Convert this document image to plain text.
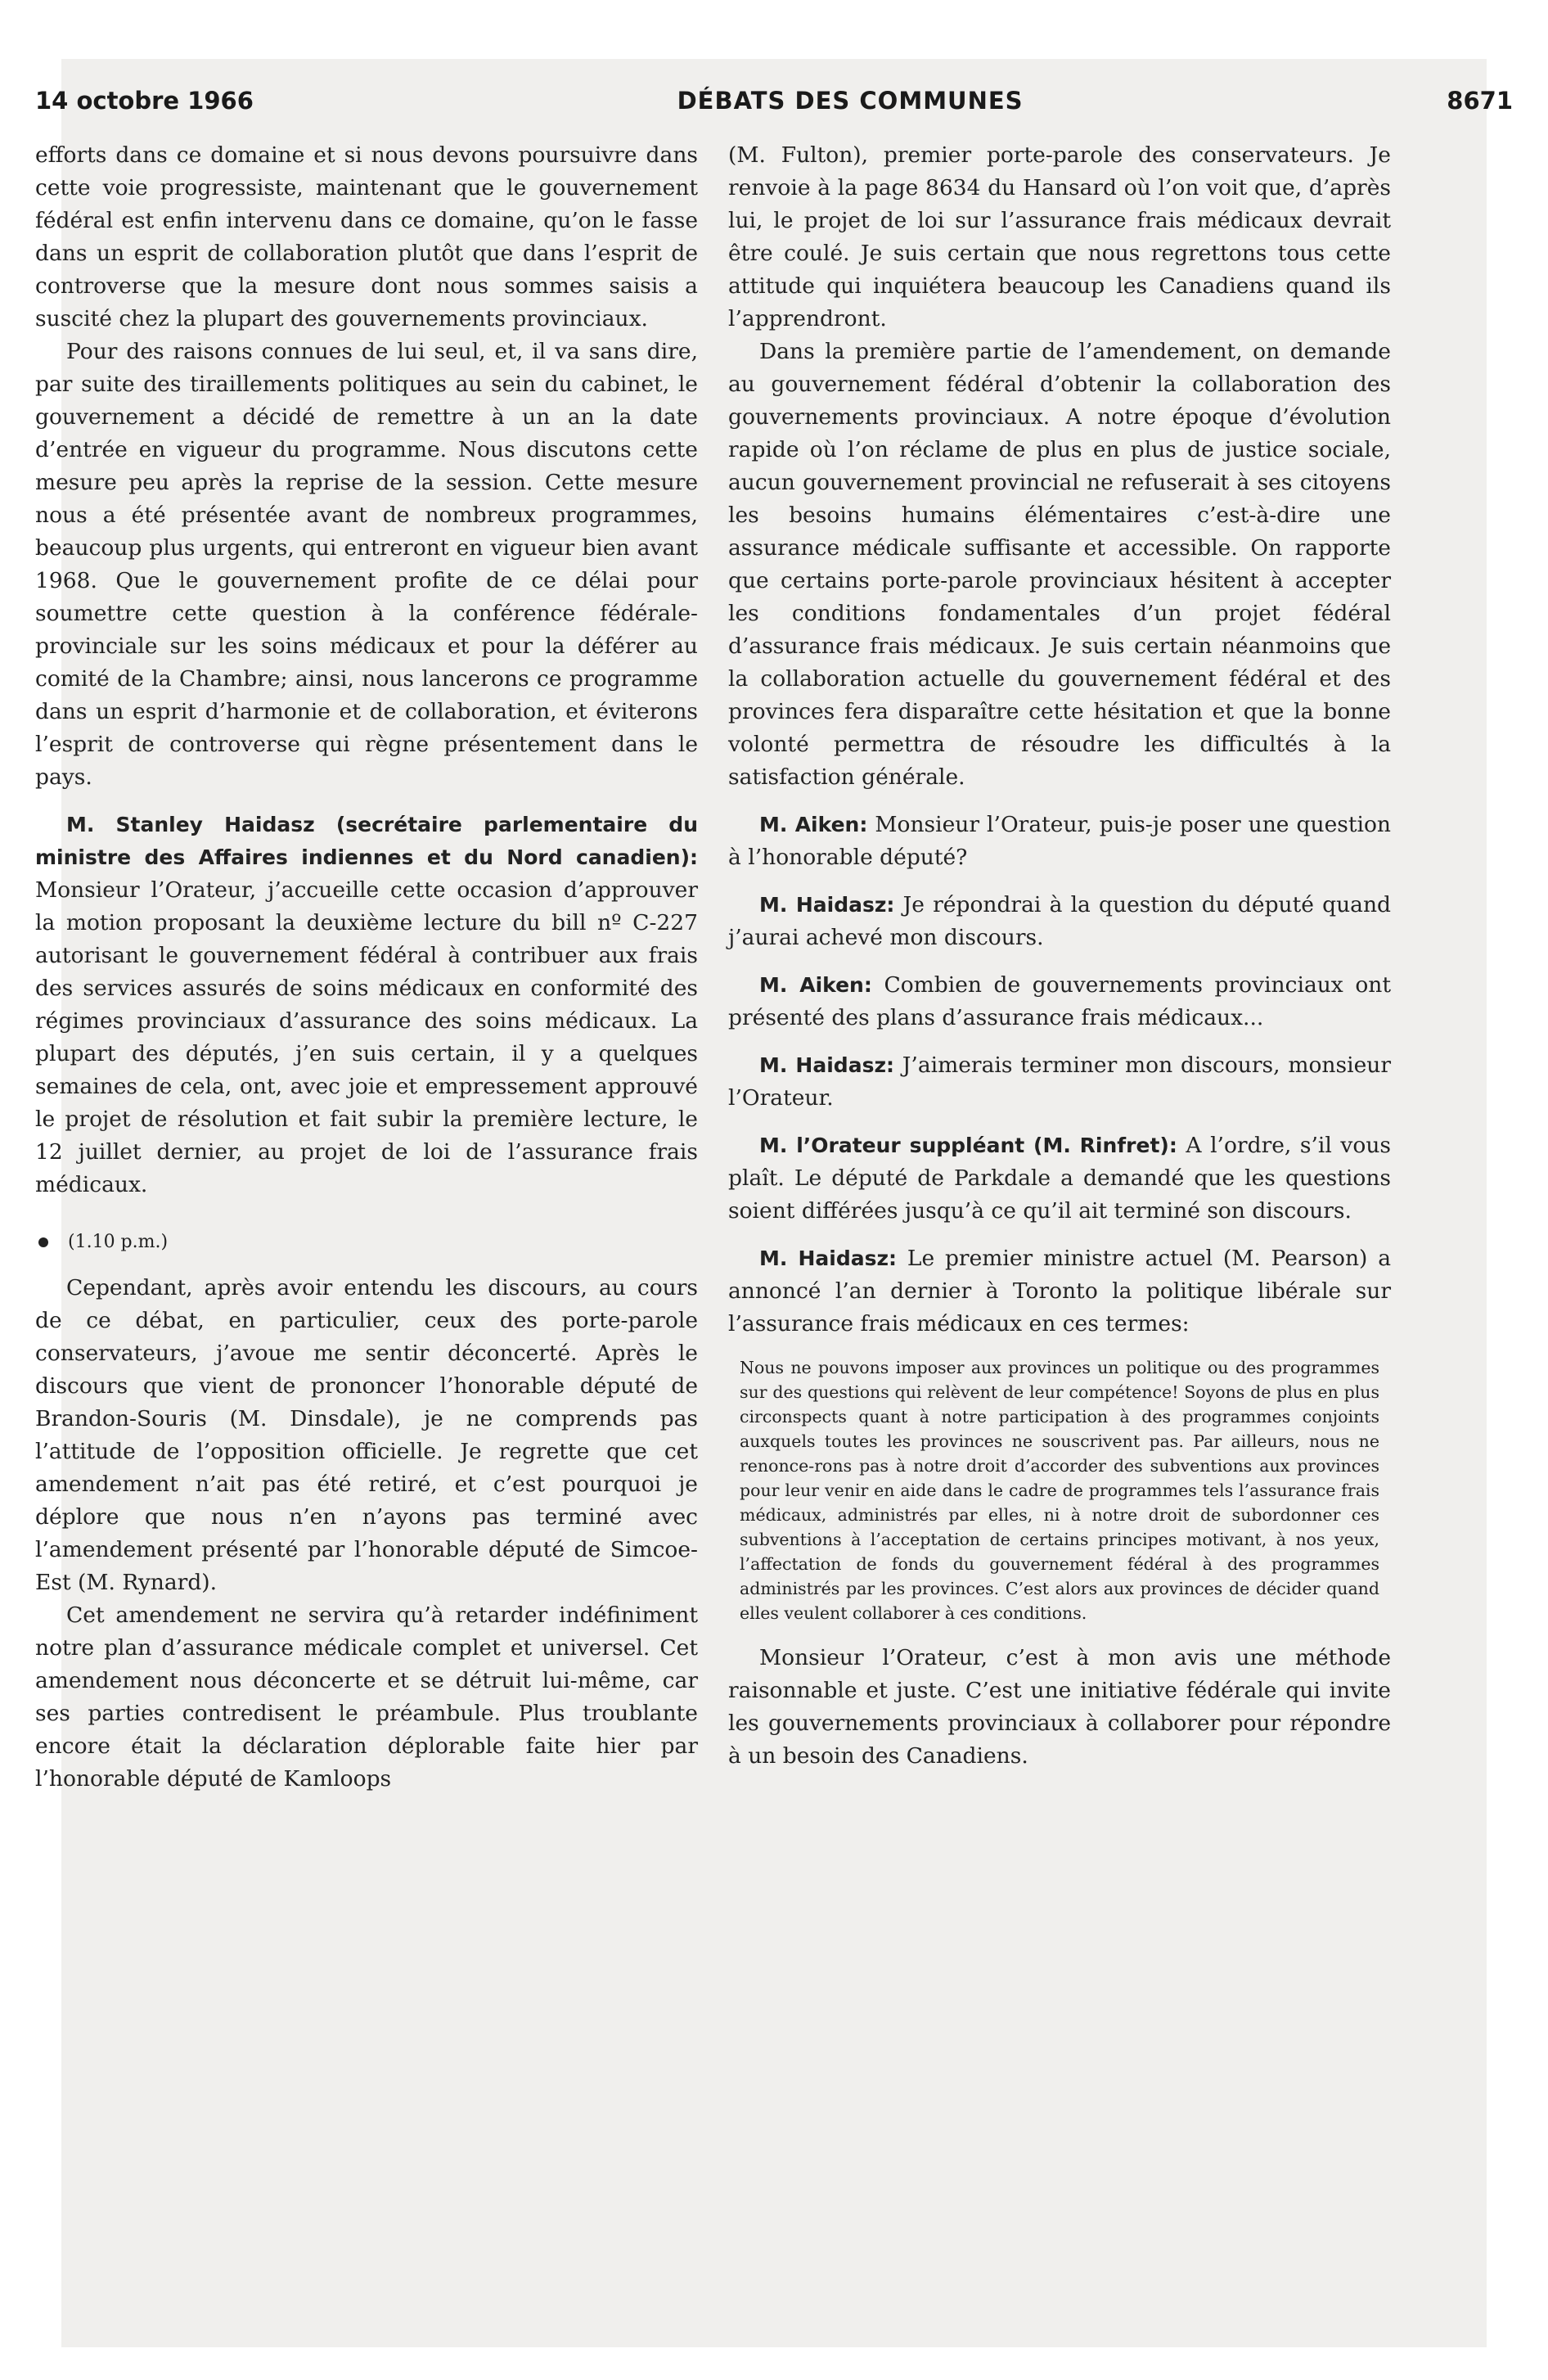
14 octobre 1966	DÉBATS DES COMMUNES	8671

efforts dans ce domaine et si nous devons poursuivre dans cette voie progressiste, maintenant que le gouvernement fédéral est enfin intervenu dans ce domaine, qu’on le fasse dans un esprit de collaboration plutôt que dans l’esprit de controverse que la mesure dont nous sommes saisis a suscité chez la plupart des gouvernements provinciaux.

Pour des raisons connues de lui seul, et, il va sans dire, par suite des tiraillements politiques au sein du cabinet, le gouvernement a décidé de remettre à un an la date d’entrée en vigueur du programme. Nous discutons cette mesure peu après la reprise de la session. Cette mesure nous a été présentée avant de nombreux programmes, beaucoup plus urgents, qui entreront en vigueur bien avant 1968. Que le gouvernement profite de ce délai pour soumettre cette question à la conférence fédérale-provinciale sur les soins médicaux et pour la déférer au comité de la Chambre; ainsi, nous lancerons ce programme dans un esprit d’harmonie et de collaboration, et éviterons l’esprit de controverse qui règne présentement dans le pays.

M. Stanley Haidasz (secrétaire parlementaire du ministre des Affaires indiennes et du Nord canadien): Monsieur l’Orateur, j’accueille cette occasion d’approuver la motion proposant la deuxième lecture du bill nº C-227 autorisant le gouvernement fédéral à contribuer aux frais des services assurés de soins médicaux en conformité des régimes provinciaux d’assurance des soins médicaux. La plupart des députés, j’en suis certain, il y a quelques semaines de cela, ont, avec joie et empressement approuvé le projet de résolution et fait subir la première lecture, le 12 juillet dernier, au projet de loi de l’assurance frais médicaux.

(1.10 p.m.)

Cependant, après avoir entendu les discours, au cours de ce débat, en particulier, ceux des porte-parole conservateurs, j’avoue me sentir déconcerté. Après le discours que vient de prononcer l’honorable député de Brandon-Souris (M. Dinsdale), je ne comprends pas l’attitude de l’opposition officielle. Je regrette que cet amendement n’ait pas été retiré, et c’est pourquoi je déplore que nous n’en n’ayons pas terminé avec l’amendement présenté par l’honorable député de Simcoe-Est (M. Rynard).

Cet amendement ne servira qu’à retarder indéfiniment notre plan d’assurance médicale complet et universel. Cet amendement nous déconcerte et se détruit lui-même, car ses parties contredisent le préambule. Plus troublante encore était la déclaration déplorable faite hier par l’honorable député de Kamloops

(M. Fulton), premier porte-parole des conservateurs. Je renvoie à la page 8634 du Hansard où l’on voit que, d’après lui, le projet de loi sur l’assurance frais médicaux devrait être coulé. Je suis certain que nous regrettons tous cette attitude qui inquiétera beaucoup les Canadiens quand ils l’apprendront.

Dans la première partie de l’amendement, on demande au gouvernement fédéral d’obtenir la collaboration des gouvernements provinciaux. A notre époque d’évolution rapide où l’on réclame de plus en plus de justice sociale, aucun gouvernement provincial ne refuserait à ses citoyens les besoins humains élémentaires c’est-à-dire une assurance médicale suffisante et accessible. On rapporte que certains porte-parole provinciaux hésitent à accepter les conditions fondamentales d’un projet fédéral d’assurance frais médicaux. Je suis certain néanmoins que la collaboration actuelle du gouvernement fédéral et des provinces fera disparaître cette hésitation et que la bonne volonté permettra de résoudre les difficultés à la satisfaction générale.

M. Aiken: Monsieur l’Orateur, puis-je poser une question à l’honorable député?

M. Haidasz: Je répondrai à la question du député quand j’aurai achevé mon discours.

M. Aiken: Combien de gouvernements provinciaux ont présenté des plans d’assurance frais médicaux...

M. Haidasz: J’aimerais terminer mon discours, monsieur l’Orateur.

M. l’Orateur suppléant (M. Rinfret): A l’ordre, s’il vous plaît. Le député de Parkdale a demandé que les questions soient différées jusqu’à ce qu’il ait terminé son discours.

M. Haidasz: Le premier ministre actuel (M. Pearson) a annoncé l’an dernier à Toronto la politique libérale sur l’assurance frais médicaux en ces termes:

Nous ne pouvons imposer aux provinces un politique ou des programmes sur des questions qui relèvent de leur compétence! Soyons de plus en plus circonspects quant à notre participation à des programmes conjoints auxquels toutes les provinces ne souscrivent pas. Par ailleurs, nous ne renonce-rons pas à notre droit d’accorder des subventions aux provinces pour leur venir en aide dans le cadre de programmes tels l’assurance frais médicaux, administrés par elles, ni à notre droit de subordonner ces subventions à l’acceptation de certains principes motivant, à nos yeux, l’affectation de fonds du gouvernement fédéral à des programmes administrés par les provinces. C’est alors aux provinces de décider quand elles veulent collaborer à ces conditions.

Monsieur l’Orateur, c’est à mon avis une méthode raisonnable et juste. C’est une initiative fédérale qui invite les gouvernements provinciaux à collaborer pour répondre à un besoin des Canadiens.
